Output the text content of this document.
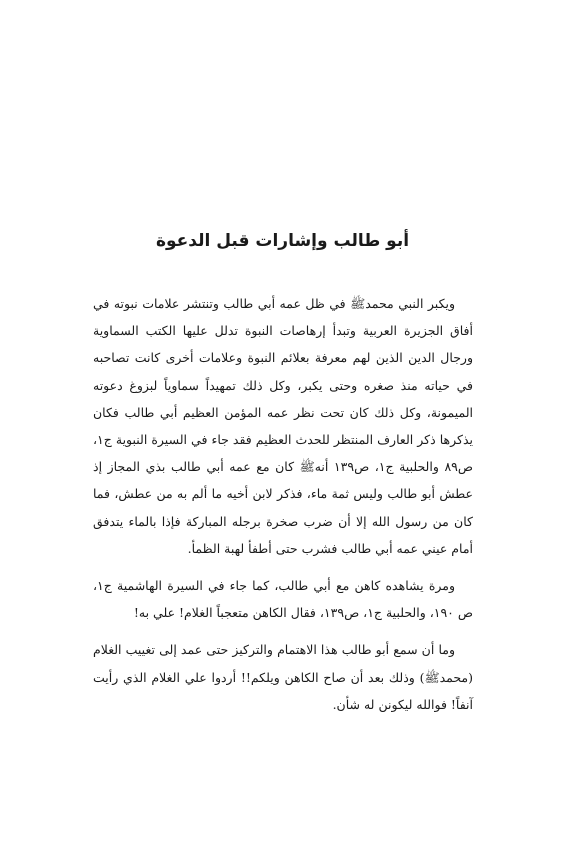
أبو طالب وإشارات قبل الدعوة

ويكبر النبي محمدﷺ في ظل عمه أبي طالب وتنتشر علامات نبوته في أفاق الجزيرة العربية وتبدأ إرهاصات النبوة تدلل عليها الكتب السماوية ورجال الدين الذين لهم معرفة بعلائم النبوة وعلامات أخرى كانت تصاحبه في حياته منذ صغره وحتى يكبر، وكل ذلك تمهيداً سماوياً لبزوغ دعوته الميمونة، وكل ذلك كان تحت نظر عمه المؤمن العظيم أبي طالب فكان يذكرها ذكر العارف المنتظر للحدث العظيم فقد جاء في السيرة النبوية ج١، ص٨٩ والحلبية ج١، ص١٣٩ أنهﷺ كان مع عمه أبي طالب بذي المجاز إذ عطش أبو طالب وليس ثمة ماء، فذكر لابن أخيه ما ألم به من عطش، فما كان من رسول الله إلا أن ضرب صخرة برجله المباركة فإذا بالماء يتدفق أمام عيني عمه أبي طالب فشرب حتى أطفأ لهبة الظمأ.

ومرة يشاهده كاهن مع أبي طالب، كما جاء في السيرة الهاشمية ج١، ص ١٩٠، والحلبية ج١، ص١٣٩، فقال الكاهن متعجباً الغلام! علي به!

وما أن سمع أبو طالب هذا الاهتمام والتركيز حتى عمد إلى تغييب الغلام (محمدﷺ) وذلك بعد أن صاح الكاهن ويلكم!! أردوا علي الغلام الذي رأيت آنفاً! فوالله ليكونن له شأن.
